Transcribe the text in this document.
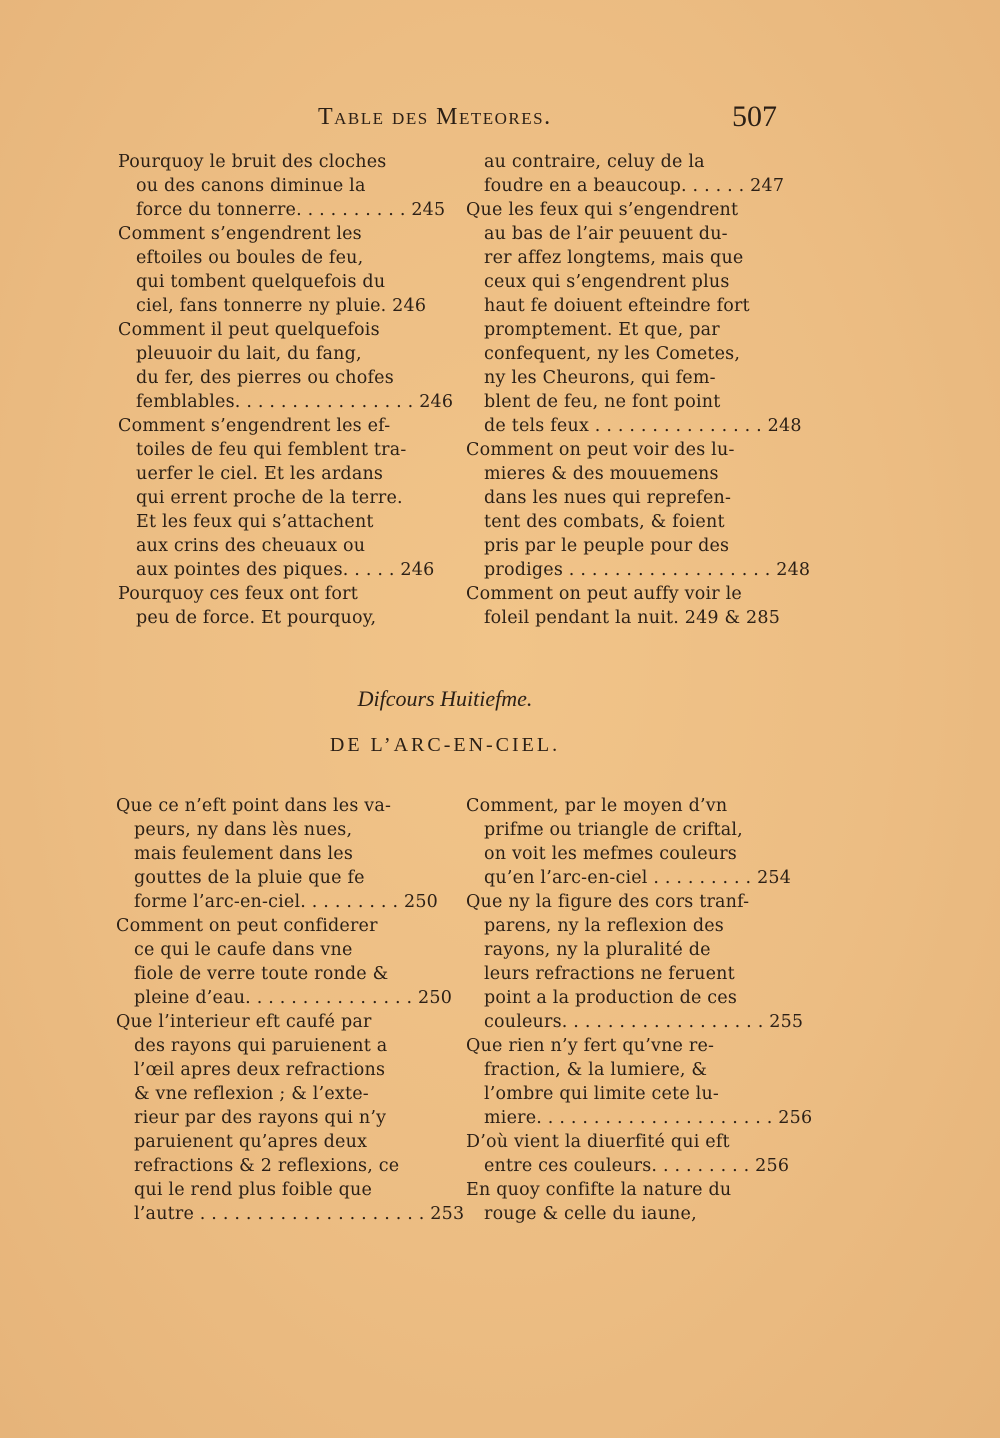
Table des Meteores.	507
Pourquoy le bruit des cloches
ou des canons diminue la
force du tonnerre. . . . . . . . . . 245
Comment s’engendrent les
eftoiles ou boules de feu,
qui tombent quelquefois du
ciel, fans tonnerre ny pluie. 246
Comment il peut quelquefois
pleuuoir du lait, du fang,
du fer, des pierres ou chofes
femblables. . . . . . . . . . . . . . . . 246
Comment s’engendrent les ef-
toiles de feu qui femblent tra-
uerfer le ciel. Et les ardans
qui errent proche de la terre.
Et les feux qui s’attachent
aux crins des cheuaux ou
aux pointes des piques. . . . . 246
Pourquoy ces feux ont fort
peu de force. Et pourquoy,
au contraire, celuy de la
foudre en a beaucoup. . . . . . 247
Que les feux qui s’engendrent
au bas de l’air peuuent du-
rer affez longtems, mais que
ceux qui s’engendrent plus
haut fe doiuent efteindre fort
promptement. Et que, par
confequent, ny les Cometes,
ny les Cheurons, qui fem-
blent de feu, ne font point
de tels feux . . . . . . . . . . . . . . . 248
Comment on peut voir des lu-
mieres & des mouuemens
dans les nues qui reprefen-
tent des combats, & foient
pris par le peuple pour des
prodiges . . . . . . . . . . . . . . . . . . 248
Comment on peut auffy voir le
foleil pendant la nuit. 249 & 285
Difcours Huitiefme.
DE L’ARC-EN-CIEL.
Que ce n’eft point dans les va-
peurs, ny dans lès nues,
mais feulement dans les
gouttes de la pluie que fe
forme l’arc-en-ciel. . . . . . . . . 250
Comment on peut confiderer
ce qui le caufe dans vne
fiole de verre toute ronde &
pleine d’eau. . . . . . . . . . . . . . . 250
Que l’interieur eft caufé par
des rayons qui paruienent a
l’œil apres deux refractions
& vne reflexion ; & l’exte-
rieur par des rayons qui n’y
paruienent qu’apres deux
refractions & 2 reflexions, ce
qui le rend plus foible que
l’autre . . . . . . . . . . . . . . . . . . . . 253
Comment, par le moyen d’vn
prifme ou triangle de criftal,
on voit les mefmes couleurs
qu’en l’arc-en-ciel . . . . . . . . . 254
Que ny la figure des cors tranf-
parens, ny la reflexion des
rayons, ny la pluralité de
leurs refractions ne feruent
point a la production de ces
couleurs. . . . . . . . . . . . . . . . . . 255
Que rien n’y fert qu’vne re-
fraction, & la lumiere, &
l’ombre qui limite cete lu-
miere. . . . . . . . . . . . . . . . . . . . . 256
D’où vient la diuerfité qui eft
entre ces couleurs. . . . . . . . . 256
En quoy confifte la nature du
rouge & celle du iaune,
